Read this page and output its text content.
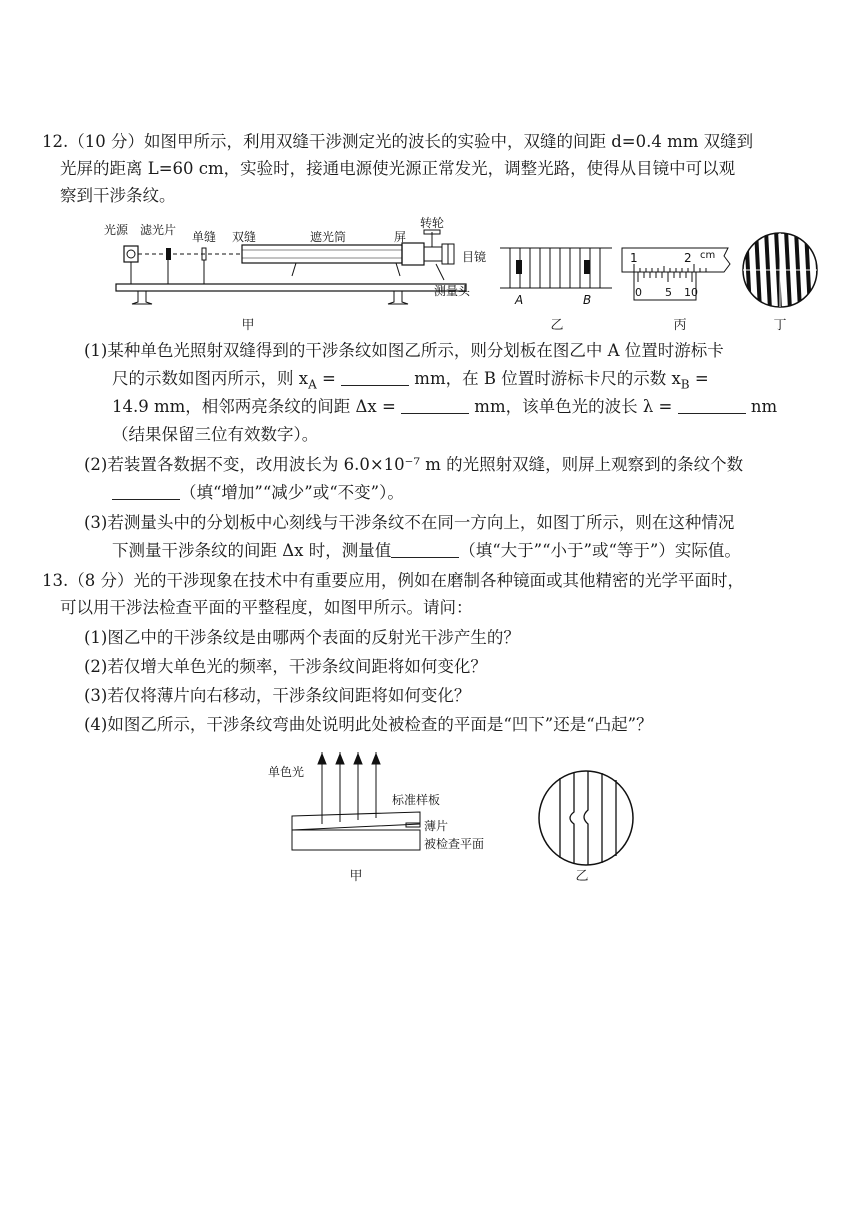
12.（10 分）如图甲所示，利用双缝干涉测定光的波长的实验中，双缝的间距 d=0.4 mm 双缝到
光屏的距离 L=60 cm，实验时，接通电源使光源正常发光，调整光路，使得从目镜中可以观
察到干涉条纹。
光源 滤光片 单缝 双缝	遮光筒	屏
转轮
目镜
测量头
甲
A	B
乙
1	2 cm
0 5 10
丙	丁
(1)某种单色光照射双缝得到的干涉条纹如图乙所示，则分划板在图乙中 A 位置时游标卡
尺的示数如图丙所示，则 $x_A$ =	mm，在 B 位置时游标卡尺的示数 $x_B$ =
14.9 mm，相邻两亮条纹的间距 Δx =	mm，该单色光的波长 λ =	nm
（结果保留三位有效数字）。
(2)若装置各数据不变，改用波长为 6.0×10⁻⁷ m 的光照射双缝，则屏上观察到的条纹个数
（填“增加”“减少”或“不变”）。
(3)若测量头中的分划板中心刻线与干涉条纹不在同一方向上，如图丁所示，则在这种情况
下测量干涉条纹的间距 Δx 时，测量值	（填“大于”“小于”或“等于”）实际值。
13.（8 分）光的干涉现象在技术中有重要应用，例如在磨制各种镜面或其他精密的光学平面时，
可以用干涉法检查平面的平整程度，如图甲所示。请问：
(1)图乙中的干涉条纹是由哪两个表面的反射光干涉产生的？
(2)若仅增大单色光的频率，干涉条纹间距将如何变化？
(3)若仅将薄片向右移动，干涉条纹间距将如何变化？
(4)如图乙所示，干涉条纹弯曲处说明此处被检查的平面是“凹下”还是“凸起”？
单色光
标准样板
薄片
被检查平面
甲	乙
